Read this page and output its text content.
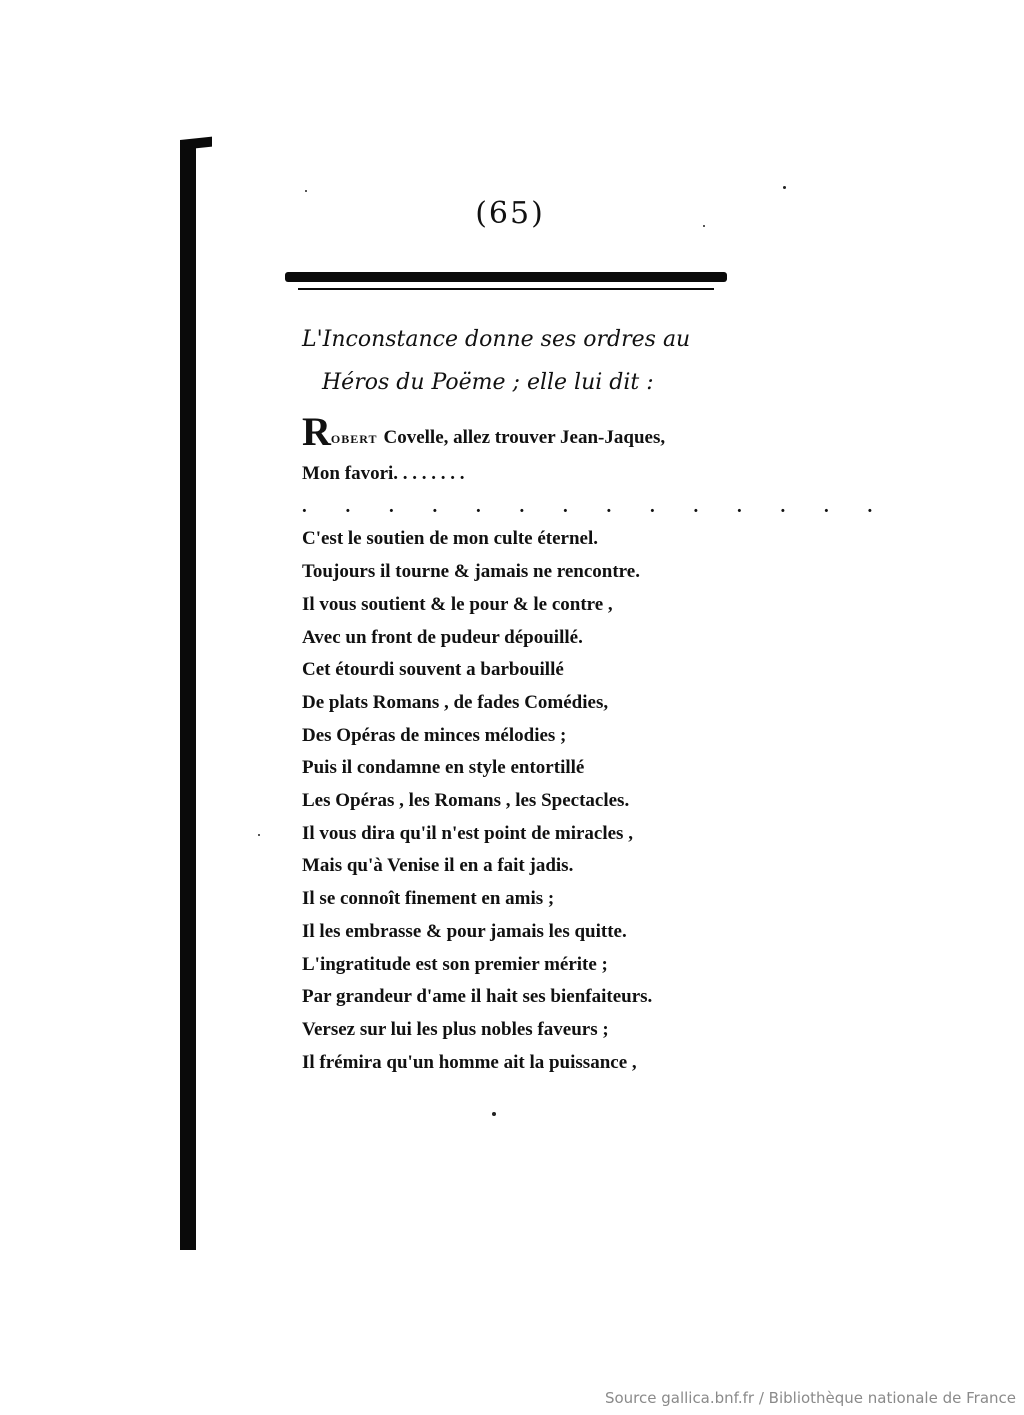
(65)
L'Inconstance donne ses ordres au
Héros du Poëme ; elle lui dit :
ROBERT Covelle, allez trouver Jean-Jaques,
Mon favori. . . . . . . .
. . . . . . . . . . . . . .
C'est le soutien de mon culte éternel.
Toujours il tourne & jamais ne rencontre.
Il vous soutient & le pour & le contre ,
Avec un front de pudeur dépouillé.
Cet étourdi souvent a barbouillé
De plats Romans , de fades Comédies,
Des Opéras de minces mélodies ;
Puis il condamne en style entortillé
Les Opéras , les Romans , les Spectacles.
Il vous dira qu'il n'est point de miracles ,
Mais qu'à Venise il en a fait jadis.
Il se connoît finement en amis ;
Il les embrasse & pour jamais les quitte.
L'ingratitude est son premier mérite ;
Par grandeur d'ame il hait ses bienfaiteurs.
Versez sur lui les plus nobles faveurs ;
Il frémira qu'un homme ait la puissance ,
Source gallica.bnf.fr / Bibliothèque nationale de France
